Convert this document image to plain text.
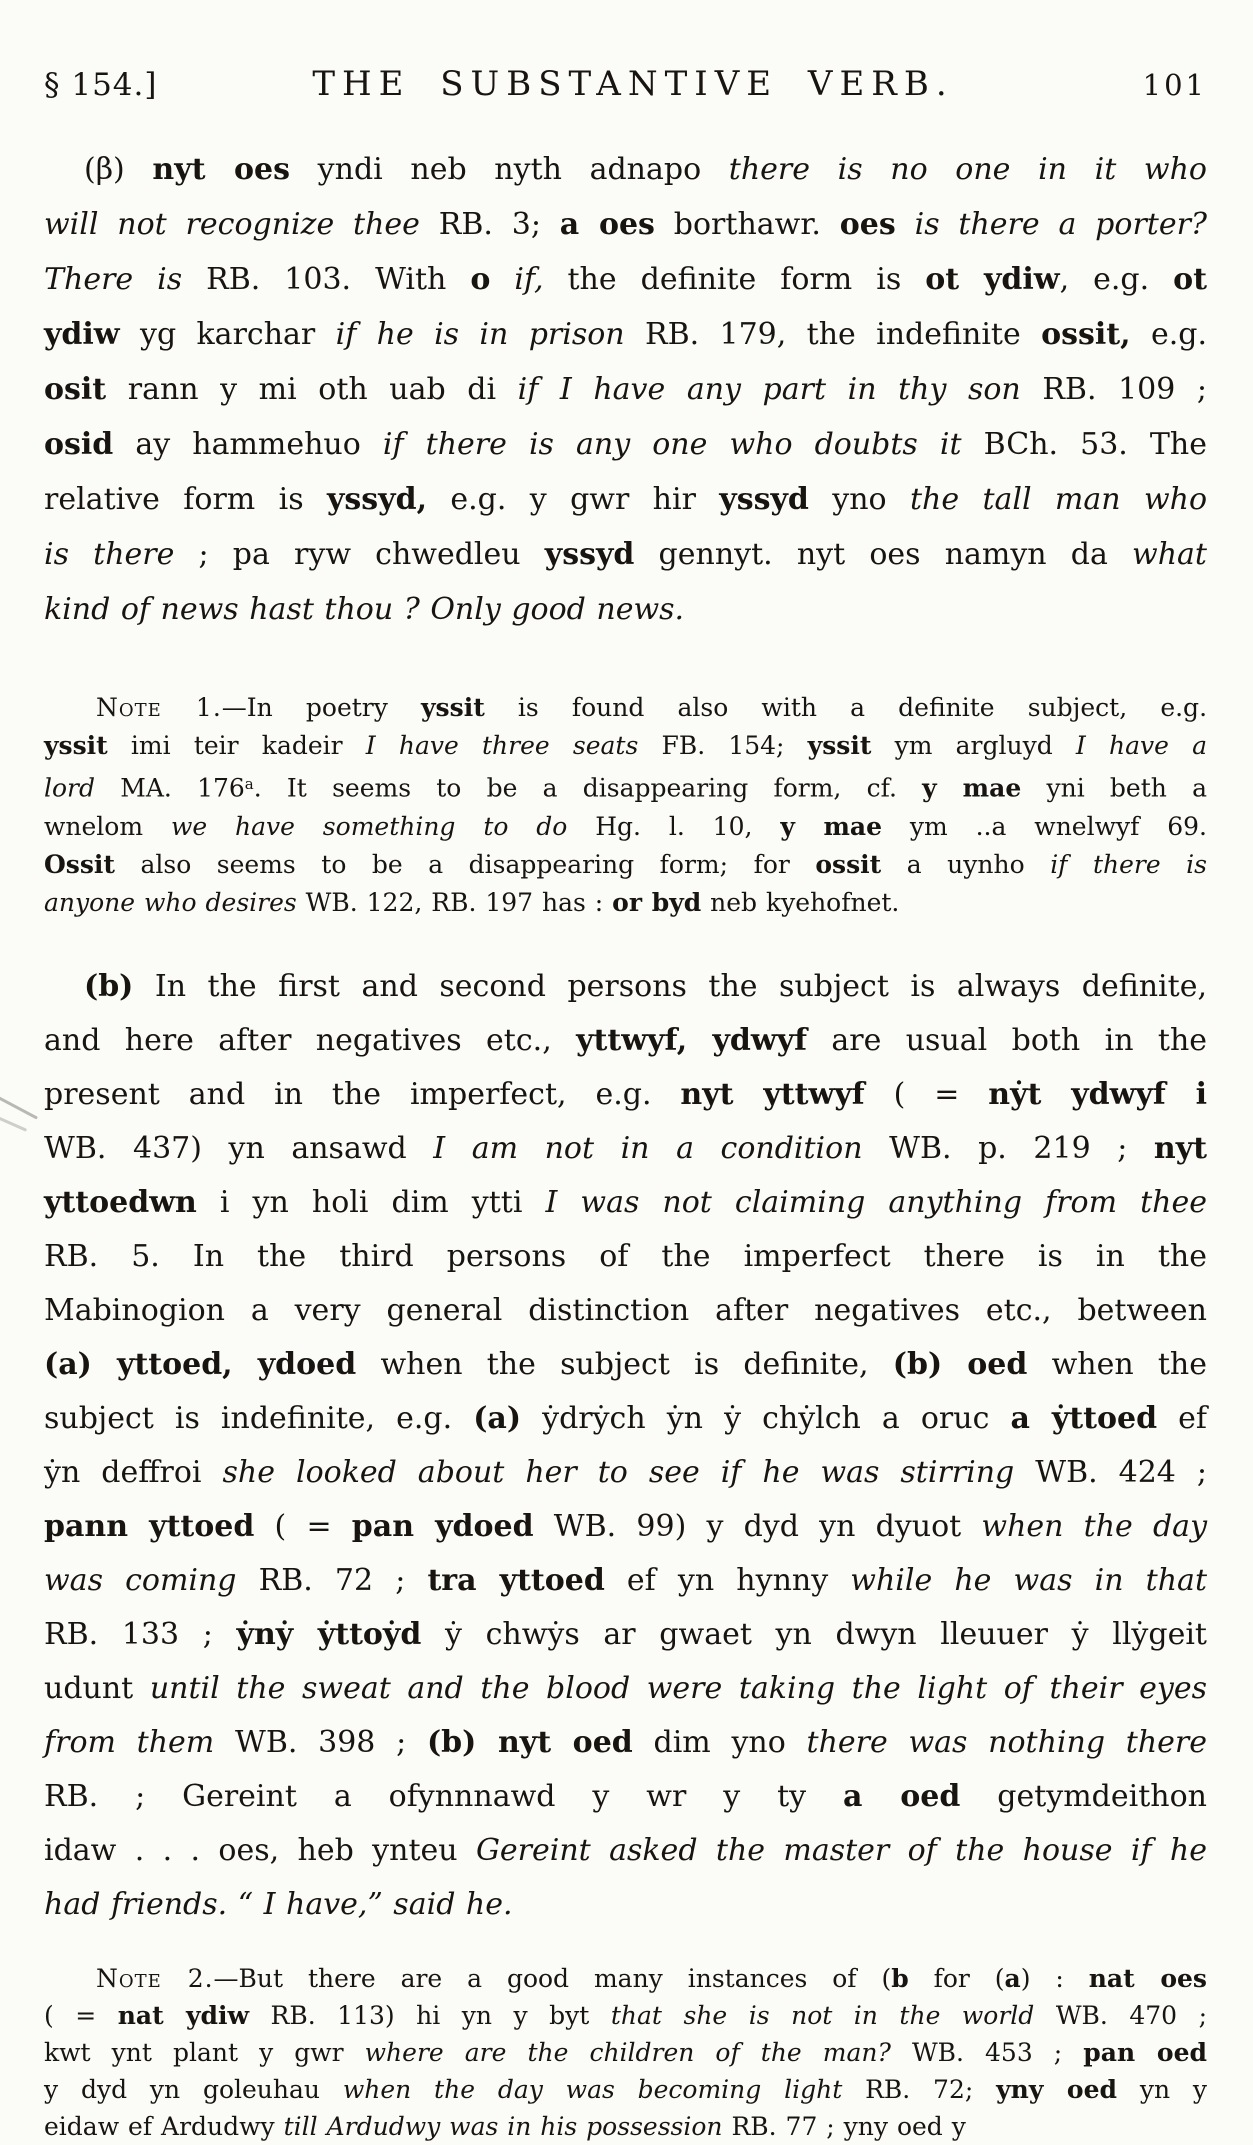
§ 154.]	THE SUBSTANTIVE VERB.	101
(β) nyt oes yndi neb nyth adnapo there is no one in it who
will not recognize thee RB. 3; a oes borthawr. oes is there a porter?
There is RB. 103. With o if, the definite form is ot ydiw, e.g. ot
ydiw yg karchar if he is in prison RB. 179, the indefinite ossit, e.g.
osit rann y mi oth uab di if I have any part in thy son RB. 109 ;
osid ay hammehuo if there is any one who doubts it BCh. 53. The
relative form is yssyd, e.g. y gwr hir yssyd yno the tall man who
is there ; pa ryw chwedleu yssyd gennyt. nyt oes namyn da what
kind of news hast thou ? Only good news.
Note 1.—In poetry yssit is found also with a definite subject, e.g.
yssit imi teir kadeir I have three seats FB. 154; yssit ym argluyd I have a
lord MA. 176$^a$. It seems to be a disappearing form, cf. y mae yni beth a
wnelom we have something to do Hg. l. 10, y mae ym ..a wnelwyf 69.
Ossit also seems to be a disappearing form; for ossit a uynho if there is
anyone who desires WB. 122, RB. 197 has : or byd neb kyehofnet.
(b) In the first and second persons the subject is always definite,
and here after negatives etc., yttwyf, ydwyf are usual both in the
present and in the imperfect, e.g. nyt yttwyf ( = nẏt ydwyf i
WB. 437) yn ansawd I am not in a condition WB. p. 219 ; nyt
yttoedwn i yn holi dim ytti I was not claiming anything from thee
RB. 5. In the third persons of the imperfect there is in the
Mabinogion a very general distinction after negatives etc., between
(a) yttoed, ydoed when the subject is definite, (b) oed when the
subject is indefinite, e.g. (a) ẏdrẏch ẏn ẏ chẏlch a oruc a ẏttoed ef
ẏn deffroi she looked about her to see if he was stirring WB. 424 ;
pann yttoed ( = pan ydoed WB. 99) y dyd yn dyuot when the day
was coming RB. 72 ; tra yttoed ef yn hynny while he was in that
RB. 133 ; ẏnẏ ẏttoẏd ẏ chwẏs ar gwaet yn dwyn lleuuer ẏ llẏgeit
udunt until the sweat and the blood were taking the light of their eyes
from them WB. 398 ; (b) nyt oed dim yno there was nothing there
RB. ; Gereint a ofynnnawd y wr y ty a oed getymdeithon
idaw . . . oes, heb ynteu Gereint asked the master of the house if he
had friends. “ I have,” said he.
Note 2.—But there are a good many instances of (b for (a) : nat oes
( = nat ydiw RB. 113) hi yn y byt that she is not in the world WB. 470 ;
kwt ynt plant y gwr where are the children of the man? WB. 453 ; pan oed
y dyd yn goleuhau when the day was becoming light RB. 72; yny oed yn y
eidaw ef Ardudwy till Ardudwy was in his possession RB. 77 ; yny oed y
